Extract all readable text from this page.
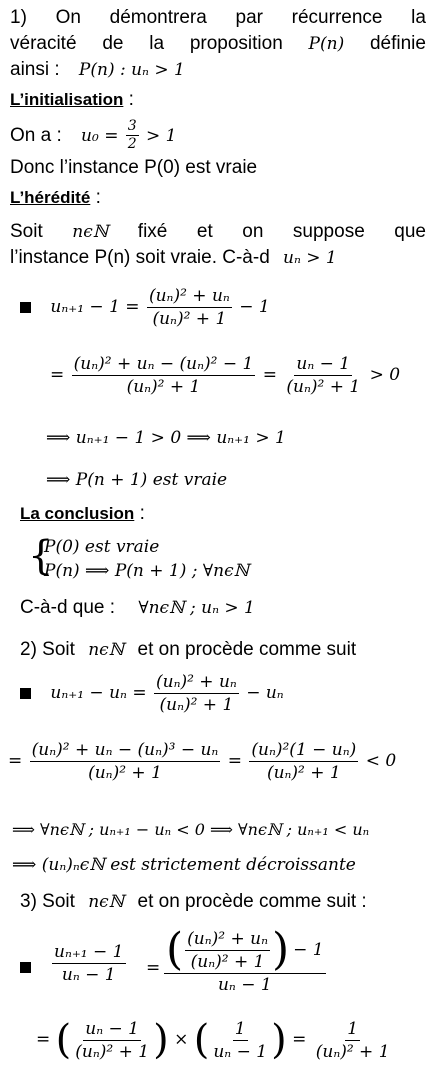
1) On démontrera par récurrence la
véracité de la proposition P(n) définie
ainsi : P(n) : uₙ > 1
L’initialisation :
On a : $u_0 = \frac{3}{2} > 1$
Donc l’instance P(0) est vraie
L’hérédité :
Soit nϵℕ fixé et on suppose que
l’instance P(n) soit vraie. C-à-d uₙ > 1
$u_{n+1} - 1 = \frac{\text{(uₙ)² + uₙ}}{\text{(uₙ)² + 1}} - 1$
= $\frac{\text{(uₙ)² + uₙ − (uₙ)² − 1}}{\text{(uₙ)² + 1}} = \frac{\text{uₙ − 1}}{\text{(uₙ)² + 1}} > 0$
⟹ uₙ₊₁ − 1 > 0 ⟹ uₙ₊₁ > 1
⟹ P(n + 1) est vraie
La conclusion :
{
P(0) est vraie
P(n) ⟹ P(n + 1) ; ∀nϵℕ
C-à-d que : ∀nϵℕ ; uₙ > 1
2) Soit nϵℕ et on procède comme suit
$u_{n+1} - u_n = \frac{\text{(uₙ)² + uₙ}}{\text{(uₙ)² + 1}} - u_n$
= $\frac{\text{(uₙ)² + uₙ − (uₙ)³ − uₙ}}{\text{(uₙ)² + 1}} = \frac{\text{(uₙ)²(1 − uₙ)}}{\text{(uₙ)² + 1}} < 0$
⟹ ∀nϵℕ ; uₙ₊₁ − uₙ < 0 ⟹ ∀nϵℕ ; uₙ₊₁ < uₙ
⟹ (uₙ)ₙϵℕ est strictement décroissante
3) Soit nϵℕ et on procède comme suit :
$\frac{\text{uₙ₊₁ − 1}}{\text{uₙ − 1}}$ = ( $\frac{\text{(uₙ)² + uₙ}}{\text{(uₙ)² + 1}}$ ) − 1
uₙ − 1
= ( $\frac{\text{uₙ − 1}}{\text{(uₙ)² + 1}}$ ) × ( $\frac{1}{\text{uₙ − 1}}$ ) = $\frac{1}{\text{(uₙ)² + 1}}$
